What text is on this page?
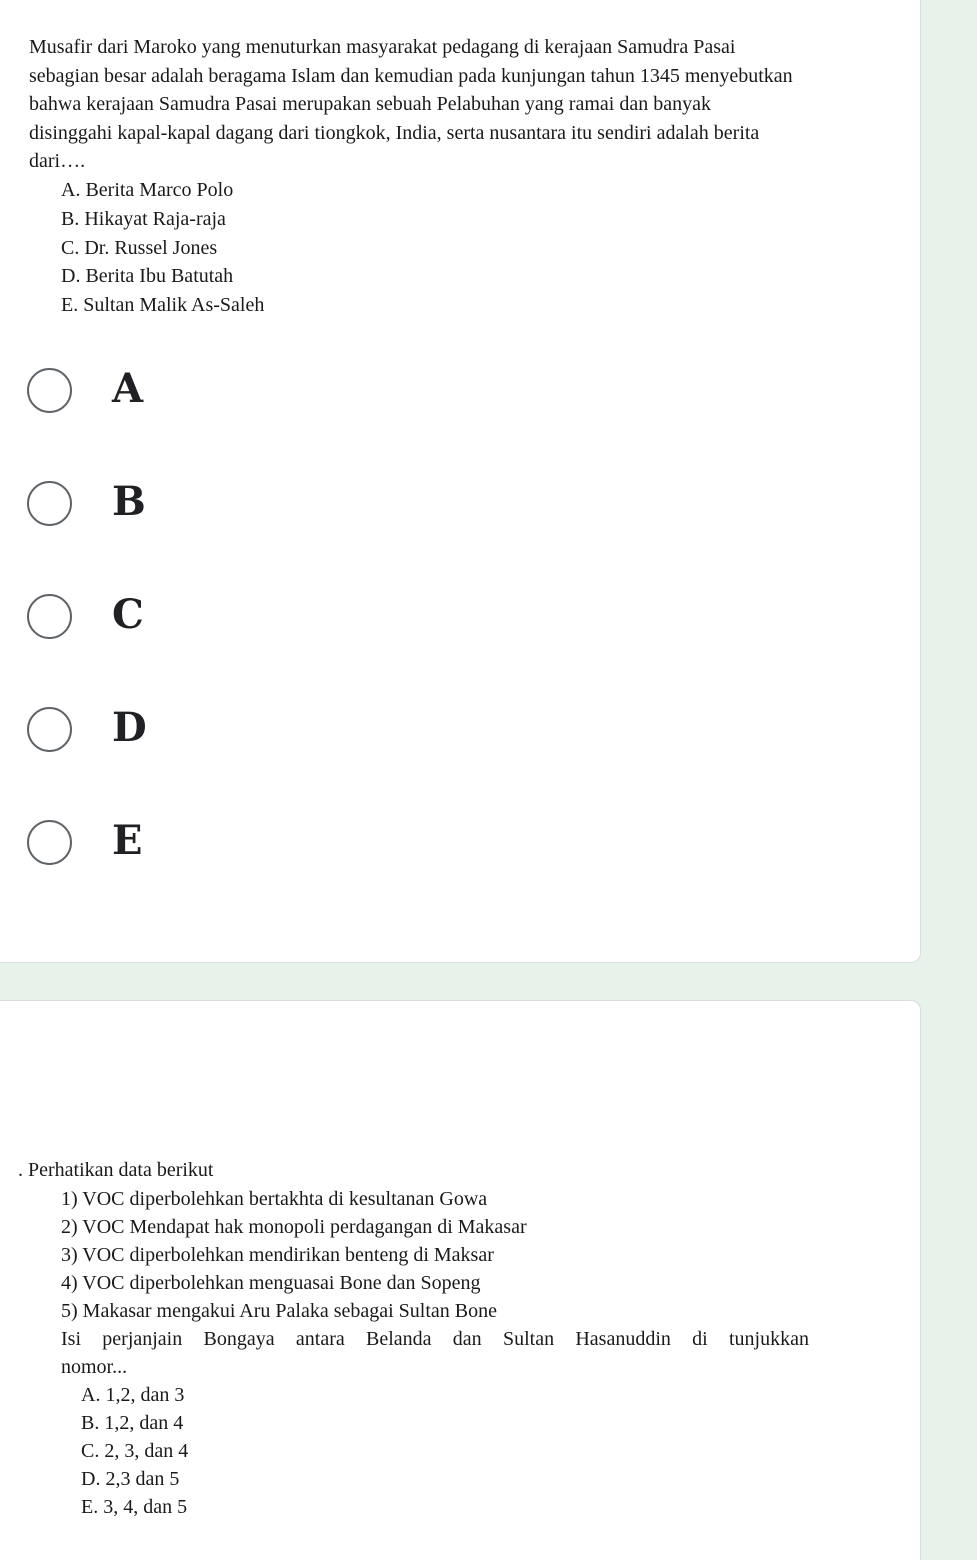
Musafir dari Maroko yang menuturkan masyarakat pedagang di kerajaan Samudra Pasai sebagian besar adalah beragama Islam dan kemudian pada kunjungan tahun 1345 menyebutkan bahwa kerajaan Samudra Pasai merupakan sebuah Pelabuhan yang ramai dan banyak disinggahi kapal-kapal dagang dari tiongkok, India, serta nusantara itu sendiri adalah berita dari….
A. Berita Marco Polo
B. Hikayat Raja-raja
C. Dr. Russel Jones
D. Berita Ibu Batutah
E. Sultan Malik As-Saleh
A
B
C
D
E
. Perhatikan data berikut
1) VOC diperbolehkan bertakhta di kesultanan Gowa
2) VOC Mendapat hak monopoli perdagangan di Makasar
3) VOC diperbolehkan mendirikan benteng di Maksar
4) VOC diperbolehkan menguasai Bone dan Sopeng
5) Makasar mengakui Aru Palaka sebagai Sultan Bone
Isi perjanjain Bongaya antara Belanda dan Sultan Hasanuddin di tunjukkan
nomor...
A. 1,2, dan 3
B. 1,2, dan 4
C. 2, 3, dan 4
D. 2,3 dan 5
E. 3, 4, dan 5
